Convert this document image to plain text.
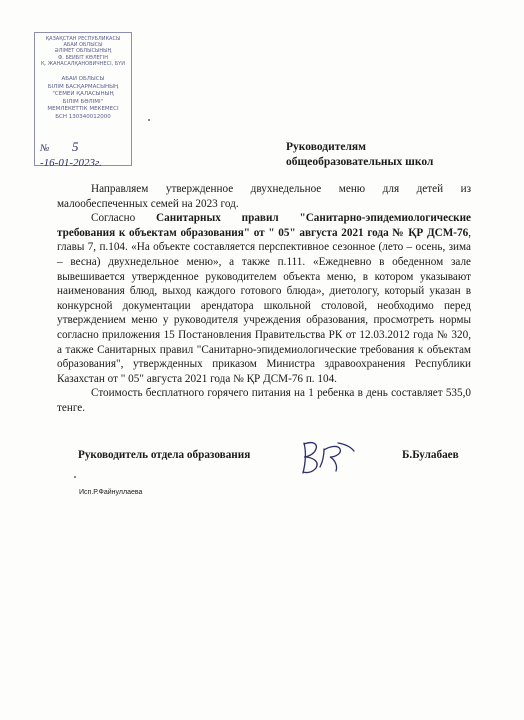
ҚАЗАҚСТАН РЕСПУБЛИКАСЫ
АБАЙ ОБЛЫСЫ
ӘЛІМЕТ ОБЛЫСЫНЫҢ
Ф. БЕЙБІТ КӨЛЕГІН
Қ. ЖАНАСАЛҚАНОВИЧНЕСІ, БҮЙ
АБАЙ ОБЛЫСЫ
БІЛІМ БАСҚАРМАСЫНЫҢ
"СЕМЕЙ ҚАЛАСЫНЫҢ
БІЛІМ БӨЛІМІ"
МЕМЛЕКЕТТІК МЕКЕМЕСІ
БСН 130340012000
№ 5
-16-01-2023г.
Руководителям
общеобразовательных школ

Направляем утвержденное двухнедельное меню для детей из малообеспеченных семей на 2023 год.

Согласно Санитарных правил "Санитарно-эпидемиологические требования к объектам образования" от " 05" августа 2021 года № ҚР ДСМ-76, главы 7, п.104. «На объекте составляется перспективное сезонное (лето – осень, зима – весна) двухнедельное меню», а также п.111. «Ежедневно в обеденном зале вывешивается утвержденное руководителем объекта меню, в котором указывают наименования блюд, выход каждого готового блюда», диетологу, который указан в конкурсной документации арендатора школьной столовой, необходимо перед утверждением меню у руководителя учреждения образования, просмотреть нормы согласно приложения 15 Постановления Правительства РК от 12.03.2012 года № 320, а также Санитарных правил "Санитарно-эпидемиологические требования к объектам образования", утвержденных приказом Министра здравоохранения Республики Казахстан от " 05" августа 2021 года № ҚР ДСМ-76 п. 104.

Стоимость бесплатного горячего питания на 1 ребенка в день составляет 535,0 тенге.

Руководитель отдела образования	Б.Булабаев
Исп.Р.Файнуллаева
